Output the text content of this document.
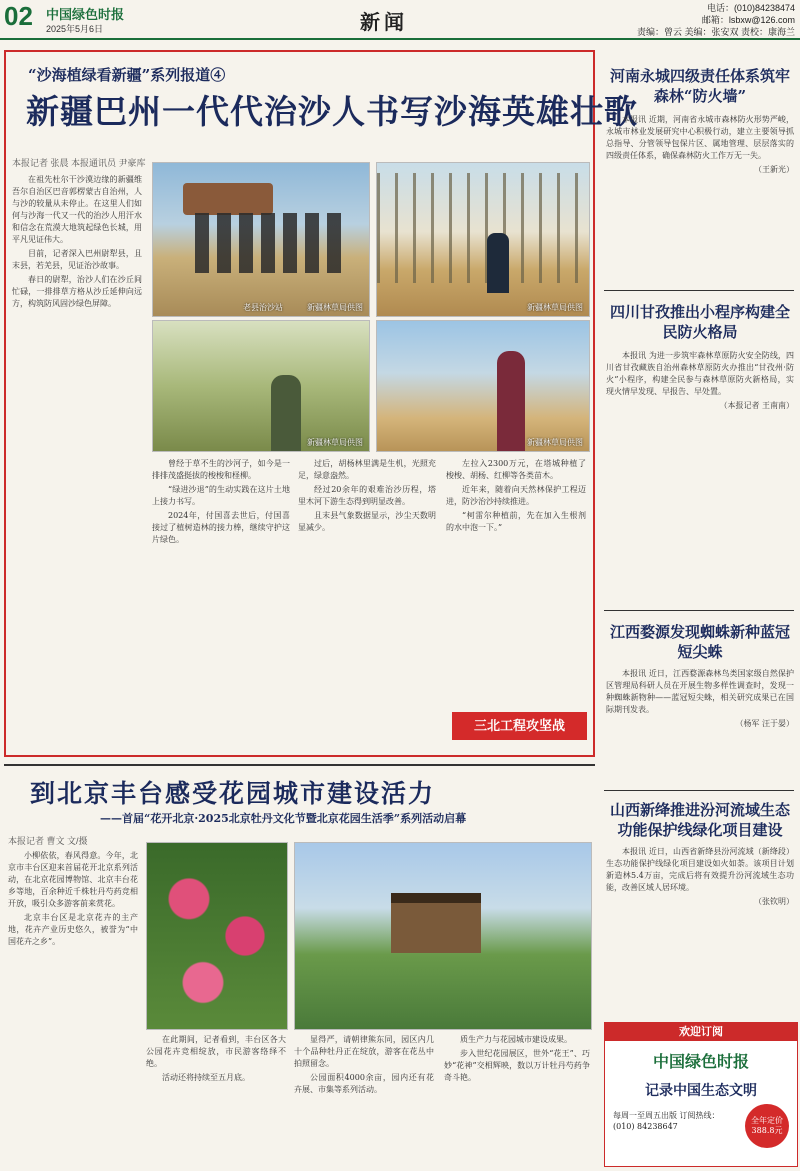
02 中国绿色时报
2025年5月6日	新闻
电话：(010)84238474
邮箱：lsbxw@126.com
责编：曾云 美编：张安双 责校：康海兰
“沙海植绿看新疆”系列报道④
新疆巴州一代代治沙人书写沙海英雄壮歌
本报记者 张晨 本报通讯员 尹豪库

在祖先杜尔干沙漠边缘的新疆维吾尔自治区巴音郭楞蒙古自治州，人与沙的较量从未停止。在这里人们如何与沙海一代又一代的治沙人用汗水和信念在荒漠大地筑起绿色长城，用平凡见证伟大。

目前，记者深入巴州尉犁县，且末县，若羌县，见证治沙故事。

春日的尉犁，治沙人们在沙丘间忙碌，一排排草方格从沙丘延伸向远方，构筑防风固沙绿色屏障。	老县治沙站	新疆林草局供图	新疆林草局供图
新疆林草局供图	新疆林草局供图

曾经于草不生的沙河子，如今是一排排茂盛挺拔的梭梭和柽柳。

“绿进沙退”的生动实践在这片土地上接力书写。

2024年，付国喜去世后，付国喜接过了植树造林的接力棒，继续守护这片绿色。

过后，胡杨林里满是生机，光照充足，绿意盎然。

经过20余年的艰难治沙历程，塔里木河下游生态得到明显改善。

且末县气象数据显示，沙尘天数明显减少。

左拉入2300万元，在塔城种植了梭梭、胡杨、红柳等各类苗木。

近年来，随着向天然林保护工程迈进，防沙治沙持续推进。

“柯雷尔种植前，先在加入生根剂的水中泡一下。”

三北工程攻坚战
到北京丰台感受花园城市建设活力
——首届“花开北京·2025北京牡丹文化节暨北京花园生活季”系列活动启幕
本报记者 曹文 文/摄

小柳依依，春风得意。今年，北京市丰台区迎来首届花开北京系列活动，在北京花园博物馆、北京丰台花乡等地，百余种近千株牡丹芍药竞相开放，吸引众多游客前来赏花。

北京丰台区是北京花卉的主产地，花卉产业历史悠久，被誉为“中国花卉之乡”。

在此期间，记者看到，丰台区各大公园花卉竞相绽放，市民游客络绎不绝。

活动还将持续至五月底。

显得严，请朝律熊东同，园区内几十个品种牡丹正在绽放，游客在花丛中拍照留念。

公园面积4000余亩，园内还有花卉展、市集等系列活动。

质生产力与花园城市建设成果。

步入世纪花园展区，世外“花王”、巧妙“花神”交相辉映，数以万计牡丹芍药争奇斗艳。

河南永城四级责任体系筑牢森林“防火墙”

本报讯 近期，河南省永城市森林防火形势严峻，永城市林业发展研究中心积极行动，建立主要领导抓总指导、分管领导包保片区、属地管理、层层落实的四级责任体系，确保森林防火工作万无一失。

（王新光）
四川甘孜推出小程序构建全民防火格局

本报讯 为进一步筑牢森林草原防火安全防线，四川省甘孜藏族自治州森林草原防火办推出“甘孜州·防火”小程序，构建全民参与森林草原防火新格局，实现火情早发现、早报告、早处置。

（本报记者 王南南）
江西婺源发现蜘蛛新种蓝冠短尖蛛

本报讯 近日，江西婺源森林鸟类国家级自然保护区管理局科研人员在开展生物多样性调查时，发现一种蜘蛛新物种——蓝冠短尖蛛，相关研究成果已在国际期刊发表。

（杨军 汪于晏）
山西新绛推进汾河流域生态功能保护线绿化项目建设

本报讯 近日，山西省新绛县汾河流域（新绛段）生态功能保护线绿化项目建设如火如荼。该项目计划新造林5.4万亩，完成后将有效提升汾河流域生态功能，改善区域人居环境。

（张钦明）
欢迎订阅
中国绿色时报
记录中国生态文明
每周一至周五出版 订阅热线：(010) 84238647
全年定价 388.8元
